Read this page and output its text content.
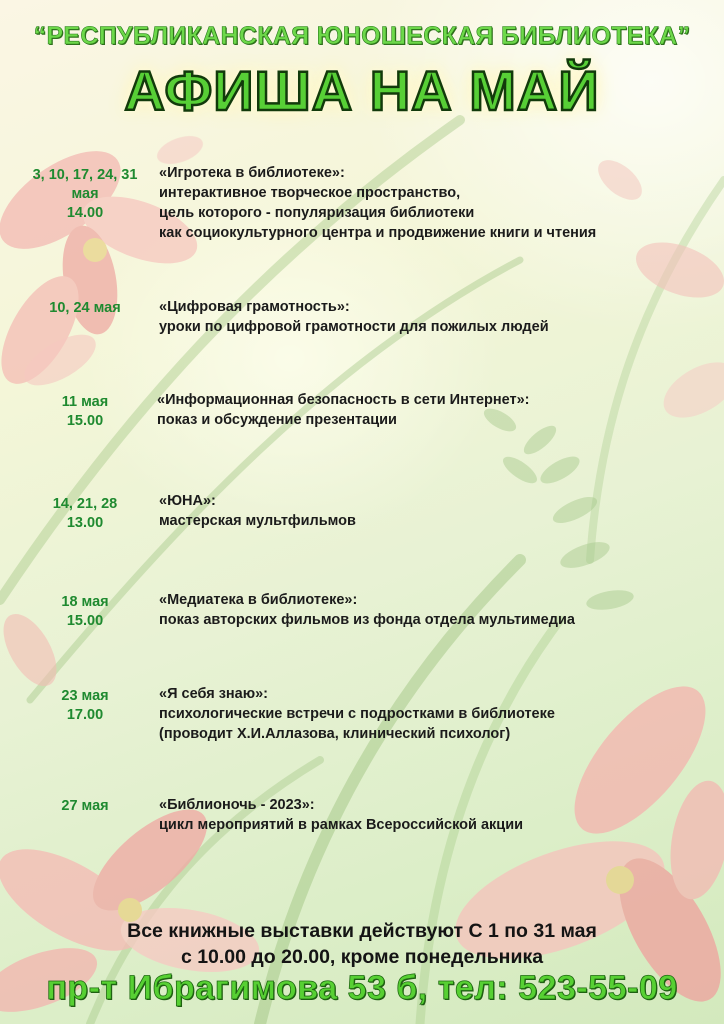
“РЕСПУБЛИКАНСКАЯ ЮНОШЕСКАЯ БИБЛИОТЕКА”
АФИША НА МАЙ
3, 10, 17, 24, 31
мая
14.00
«Игротека в библиотеке»:
интерактивное творческое пространство,
цель которого - популяризация библиотеки
как социокультурного центра и продвижение книги и чтения
10, 24 мая	«Цифровая грамотность»:
уроки по цифровой грамотности для пожилых людей
11 мая
15.00
«Информационная безопасность в сети Интернет»:
показ и обсуждение презентации
14, 21, 28
13.00
«ЮНА»:
мастерская мультфильмов
18 мая
15.00
«Медиатека в библиотеке»:
показ авторских фильмов из фонда отдела мультимедиа
23 мая
17.00
«Я себя знаю»:
психологические встречи с подростками в библиотеке
(проводит Х.И.Аллазова, клинический психолог)
27 мая	«Библионочь - 2023»:
цикл мероприятий в рамках Всероссийской акции
Все книжные выставки действуют С 1 по 31 мая
с 10.00 до 20.00, кроме понедельника
пр-т Ибрагимова 53 б, тел: 523-55-09
